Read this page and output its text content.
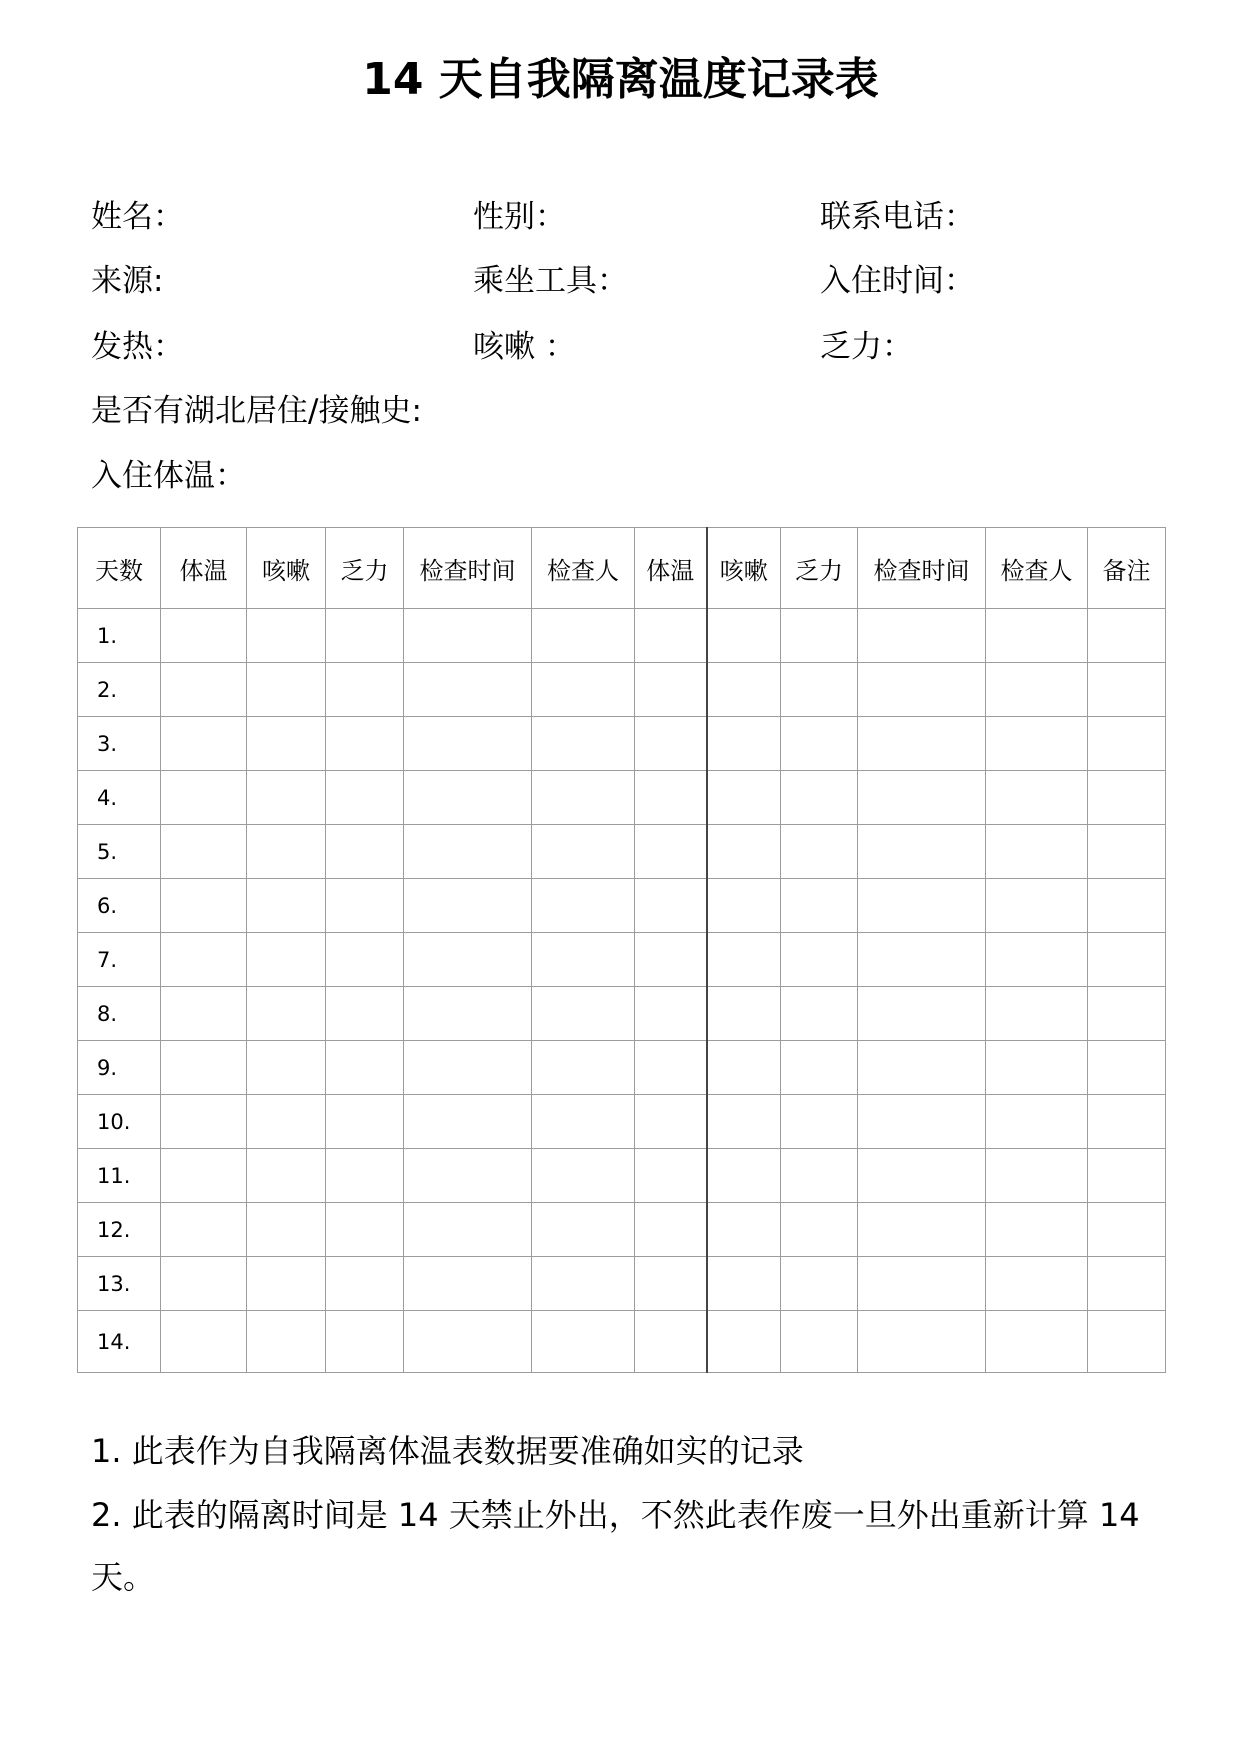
14 天自我隔离温度记录表
姓名：	性别：	联系电话：
来源:	乘坐工具：	入住时间：
发热：	咳嗽 ：	乏力：
是否有湖北居住/接触史:
入住体温：
天数	体温	咳嗽	乏力	检查时间	检查人	体温	咳嗽	乏力	检查时间	检查人	备注
1.											
2.											
3.											
4.											
5.											
6.											
7.											
8.											
9.											
10.											
11.											
12.											
13.											
14.											

1. 此表作为自我隔离体温表数据要准确如实的记录

2. 此表的隔离时间是 14 天禁止外出，不然此表作废一旦外出重新计算 14

天。
